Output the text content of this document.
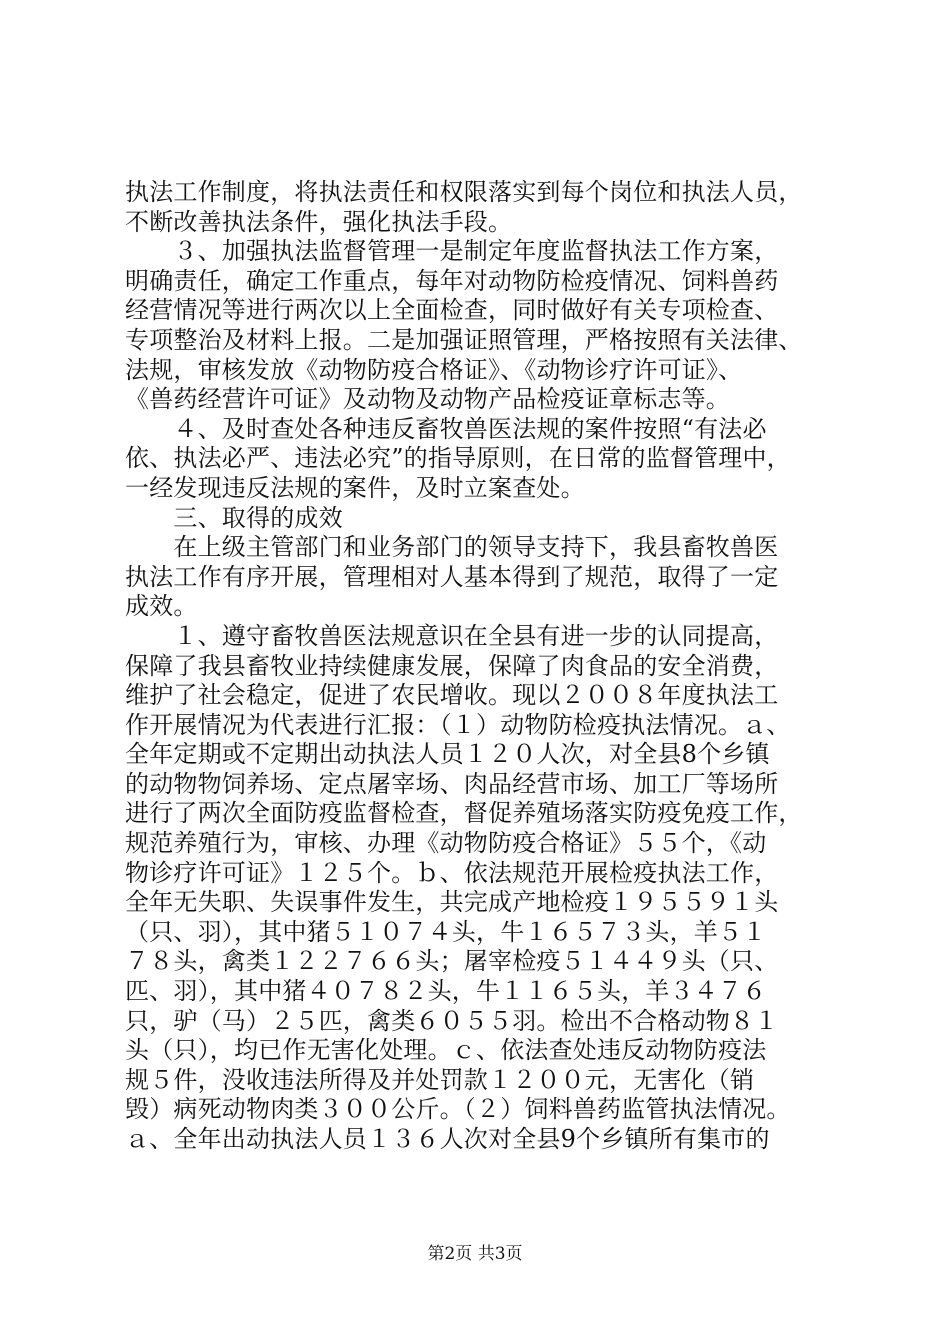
执法工作制度，将执法责任和权限落实到每个岗位和执法人员，
不断改善执法条件，强化执法手段。
　　３、加强执法监督管理一是制定年度监督执法工作方案，
明确责任，确定工作重点，每年对动物防检疫情况、饲料兽药
经营情况等进行两次以上全面检查，同时做好有关专项检查、
专项整治及材料上报。二是加强证照管理，严格按照有关法律、
法规，审核发放《动物防疫合格证》、《动物诊疗许可证》、
《兽药经营许可证》及动物及动物产品检疫证章标志等。
　　４、及时查处各种违反畜牧兽医法规的案件按照“有法必
依、执法必严、违法必究”的指导原则，在日常的监督管理中，
一经发现违反法规的案件，及时立案查处。
　　三、取得的成效
　　在上级主管部门和业务部门的领导支持下，我县畜牧兽医
执法工作有序开展，管理相对人基本得到了规范，取得了一定
成效。
　　１、遵守畜牧兽医法规意识在全县有进一步的认同提高，
保障了我县畜牧业持续健康发展，保障了肉食品的安全消费，
维护了社会稳定，促进了农民增收。现以２００８年度执法工
作开展情况为代表进行汇报：（１）动物防检疫执法情况。ａ、
全年定期或不定期出动执法人员１２０人次，对全县8个乡镇
的动物物饲养场、定点屠宰场、肉品经营市场、加工厂等场所
进行了两次全面防疫监督检查，督促养殖场落实防疫免疫工作，
规范养殖行为，审核、办理《动物防疫合格证》５５个，《动
物诊疗许可证》１２５个。ｂ、依法规范开展检疫执法工作，
全年无失职、失误事件发生，共完成产地检疫１９５５９１头
（只、羽），其中猪５１０７４头，牛１６５７３头，羊５１
７８头，禽类１２２７６６头；屠宰检疫５１４４９头（只、
匹、羽），其中猪４０７８２头，牛１１６５头，羊３４７６
只，驴（马）２５匹，禽类６０５５羽。检出不合格动物８１
头（只），均已作无害化处理。ｃ、依法查处违反动物防疫法
规５件，没收违法所得及并处罚款１２００元，无害化（销
毁）病死动物肉类３００公斤。（２）饲料兽药监管执法情况。
ａ、全年出动执法人员１３６人次对全县9个乡镇所有集市的
第2页 共3页
